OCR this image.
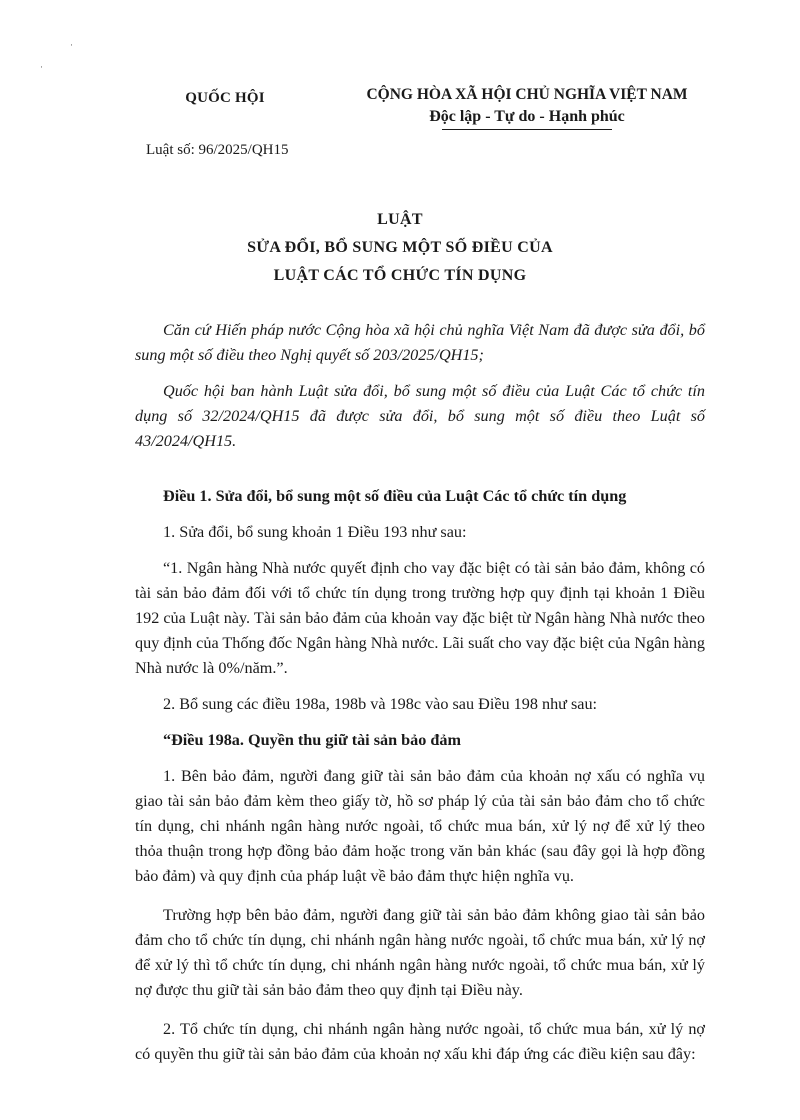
·
·
QUỐC HỘI	CỘNG HÒA XÃ HỘI CHỦ NGHĨA VIỆT NAM
Độc lập - Tự do - Hạnh phúc
Luật số: 96/2025/QH15
LUẬT
SỬA ĐỔI, BỔ SUNG MỘT SỐ ĐIỀU CỦA
LUẬT CÁC TỔ CHỨC TÍN DỤNG

Căn cứ Hiến pháp nước Cộng hòa xã hội chủ nghĩa Việt Nam đã được sửa đổi, bổ sung một số điều theo Nghị quyết số 203/2025/QH15;

Quốc hội ban hành Luật sửa đổi, bổ sung một số điều của Luật Các tổ chức tín dụng số 32/2024/QH15 đã được sửa đổi, bổ sung một số điều theo Luật số 43/2024/QH15.

Điều 1. Sửa đổi, bổ sung một số điều của Luật Các tổ chức tín dụng

1. Sửa đổi, bổ sung khoản 1 Điều 193 như sau:

“1. Ngân hàng Nhà nước quyết định cho vay đặc biệt có tài sản bảo đảm, không có tài sản bảo đảm đối với tổ chức tín dụng trong trường hợp quy định tại khoản 1 Điều 192 của Luật này. Tài sản bảo đảm của khoản vay đặc biệt từ Ngân hàng Nhà nước theo quy định của Thống đốc Ngân hàng Nhà nước. Lãi suất cho vay đặc biệt của Ngân hàng Nhà nước là 0%/năm.”.

2. Bổ sung các điều 198a, 198b và 198c vào sau Điều 198 như sau:

“Điều 198a. Quyền thu giữ tài sản bảo đảm

1. Bên bảo đảm, người đang giữ tài sản bảo đảm của khoản nợ xấu có nghĩa vụ giao tài sản bảo đảm kèm theo giấy tờ, hồ sơ pháp lý của tài sản bảo đảm cho tổ chức tín dụng, chi nhánh ngân hàng nước ngoài, tổ chức mua bán, xử lý nợ để xử lý theo thỏa thuận trong hợp đồng bảo đảm hoặc trong văn bản khác (sau đây gọi là hợp đồng bảo đảm) và quy định của pháp luật về bảo đảm thực hiện nghĩa vụ.

Trường hợp bên bảo đảm, người đang giữ tài sản bảo đảm không giao tài sản bảo đảm cho tổ chức tín dụng, chi nhánh ngân hàng nước ngoài, tổ chức mua bán, xử lý nợ để xử lý thì tổ chức tín dụng, chi nhánh ngân hàng nước ngoài, tổ chức mua bán, xử lý nợ được thu giữ tài sản bảo đảm theo quy định tại Điều này.

2. Tổ chức tín dụng, chi nhánh ngân hàng nước ngoài, tổ chức mua bán, xử lý nợ có quyền thu giữ tài sản bảo đảm của khoản nợ xấu khi đáp ứng các điều kiện sau đây:
